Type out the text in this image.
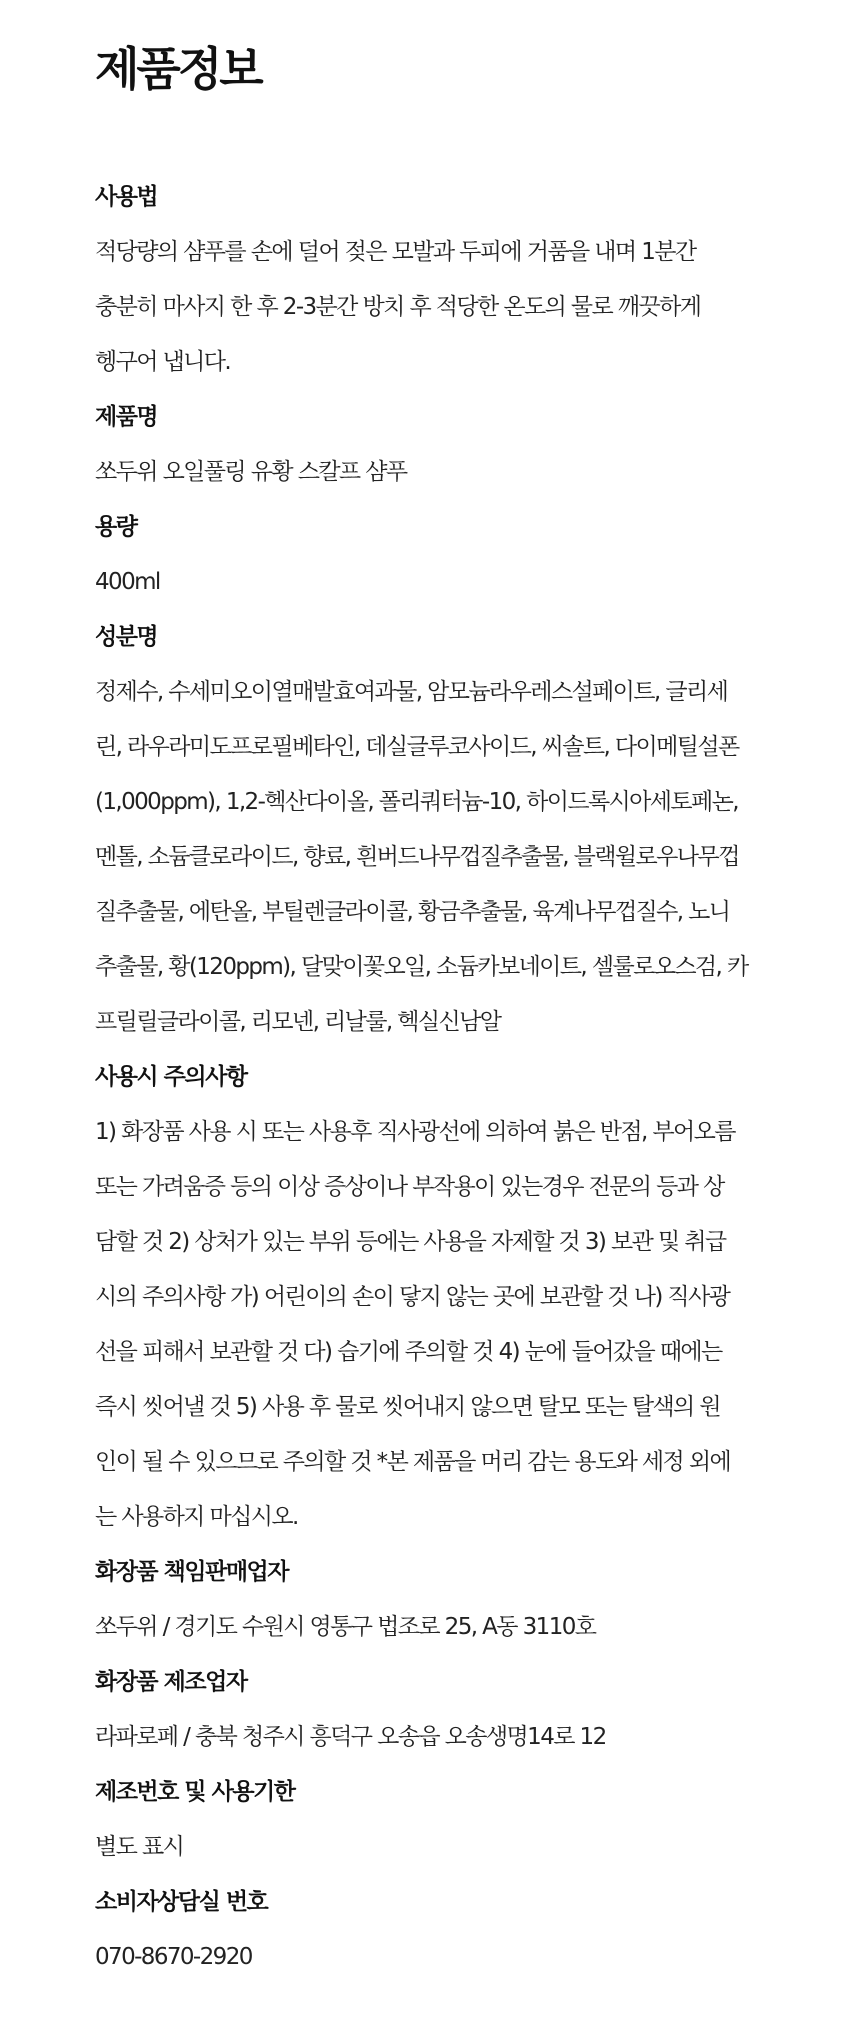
제품정보
사용법

적당량의 샴푸를 손에 덜어 젖은 모발과 두피에 거품을 내며 1분간
충분히 마사지 한 후 2-3분간 방치 후 적당한 온도의 물로 깨끗하게
헹구어 냅니다.

제품명

쏘두위 오일풀링 유황 스칼프 샴푸

용량

400ml

성분명

정제수, 수세미오이열매발효여과물, 암모늄라우레스설페이트, 글리세
린, 라우라미도프로필베타인, 데실글루코사이드, 씨솔트, 다이메틸설폰
(1,000ppm), 1,2-헥산다이올, 폴리쿼터늄-10, 하이드록시아세토페논,
멘톨, 소듐클로라이드, 향료, 흰버드나무껍질추출물, 블랙윌로우나무껍
질추출물, 에탄올, 부틸렌글라이콜, 황금추출물, 육계나무껍질수, 노니
추출물, 황(120ppm), 달맞이꽃오일, 소듐카보네이트, 셀룰로오스검, 카
프릴릴글라이콜, 리모넨, 리날룰, 헥실신남알

사용시 주의사항

1) 화장품 사용 시 또는 사용후 직사광선에 의하여 붉은 반점, 부어오름
또는 가려움증 등의 이상 증상이나 부작용이 있는경우 전문의 등과 상
담할 것 2) 상처가 있는 부위 등에는 사용을 자제할 것 3) 보관 및 취급
시의 주의사항 가) 어린이의 손이 닿지 않는 곳에 보관할 것 나) 직사광
선을 피해서 보관할 것 다) 습기에 주의할 것 4) 눈에 들어갔을 때에는
즉시 씻어낼 것 5) 사용 후 물로 씻어내지 않으면 탈모 또는 탈색의 원
인이 될 수 있으므로 주의할 것 *본 제품을 머리 감는 용도와 세정 외에
는 사용하지 마십시오.

화장품 책임판매업자

쏘두위 / 경기도 수원시 영통구 법조로 25, A동 3110호

화장품 제조업자

라파로페 / 충북 청주시 흥덕구 오송읍 오송생명14로 12

제조번호 및 사용기한

별도 표시

소비자상담실 번호

070-8670-2920
